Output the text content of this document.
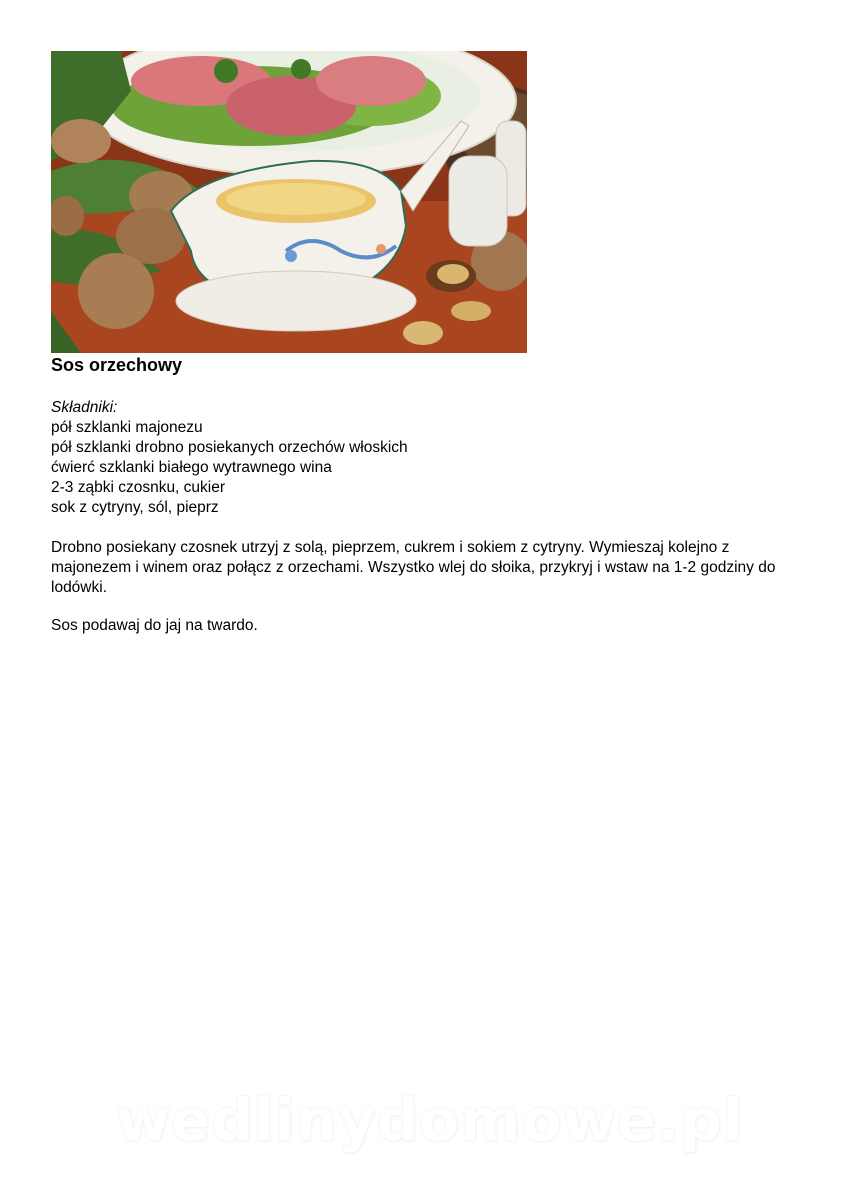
Sos orzechowy
Składniki:
pół szklanki majonezu
pół szklanki drobno posiekanych orzechów włoskich
ćwierć szklanki białego wytrawnego wina
2-3 ząbki czosnku, cukier
sok z cytryny, sól, pieprz
Drobno posiekany czosnek utrzyj z solą, pieprzem, cukrem i sokiem z cytryny. Wymieszaj kolejno z majonezem i winem oraz połącz z orzechami. Wszystko wlej do słoika, przykryj i wstaw na 1-2 godziny do lodówki.
Sos podawaj do jaj na twardo.
wedlinydomowe.pl
